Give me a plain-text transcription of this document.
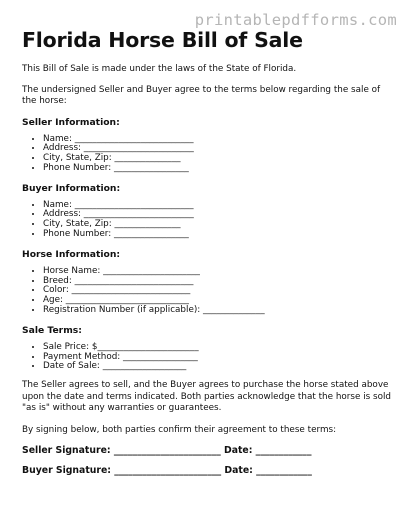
printablepdfforms.com
Florida Horse Bill of Sale

This Bill of Sale is made under the laws of the State of Florida.

The undersigned Seller and Buyer agree to the terms below regarding the sale of the horse:

Seller Information:
• Name: ___________________________
• Address: _________________________
• City, State, Zip: _______________
• Phone Number: _________________
Buyer Information:
• Name: ___________________________
• Address: _________________________
• City, State, Zip: _______________
• Phone Number: _________________
Horse Information:
• Horse Name: ______________________
• Breed: ___________________________
• Color: ___________________________
• Age: ____________________________
• Registration Number (if applicable): ______________
Sale Terms:
• Sale Price: $_______________________
• Payment Method: _________________
• Date of Sale: ___________________

The Seller agrees to sell, and the Buyer agrees to purchase the horse stated above upon the date and terms indicated. Both parties acknowledge that the horse is sold "as is" without any warranties or guarantees.

By signing below, both parties confirm their agreement to these terms:

Seller Signature: _______________________ Date: ____________
Buyer Signature: _______________________ Date: ____________
